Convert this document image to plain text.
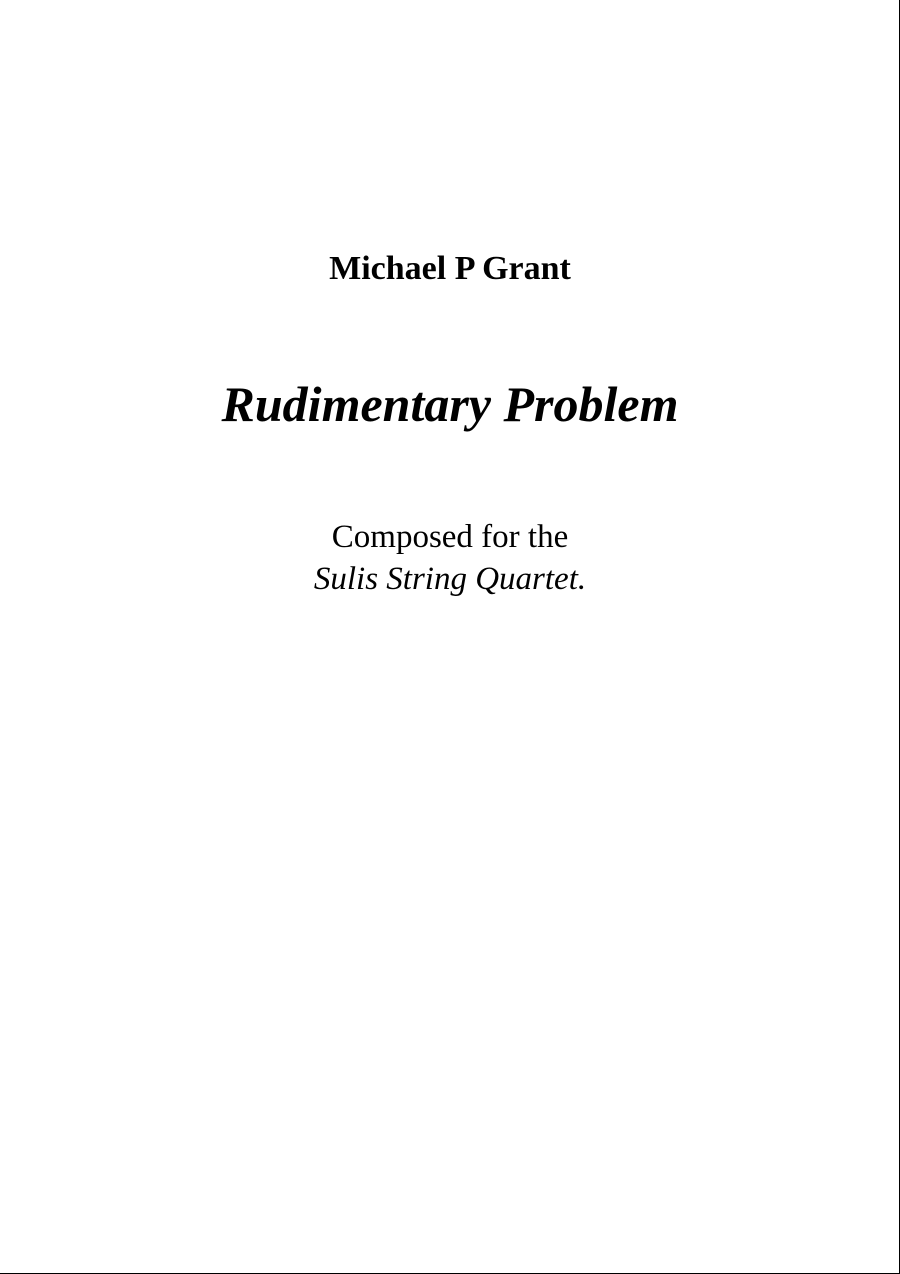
Michael P Grant
Rudimentary Problem
Composed for the
Sulis String Quartet.
